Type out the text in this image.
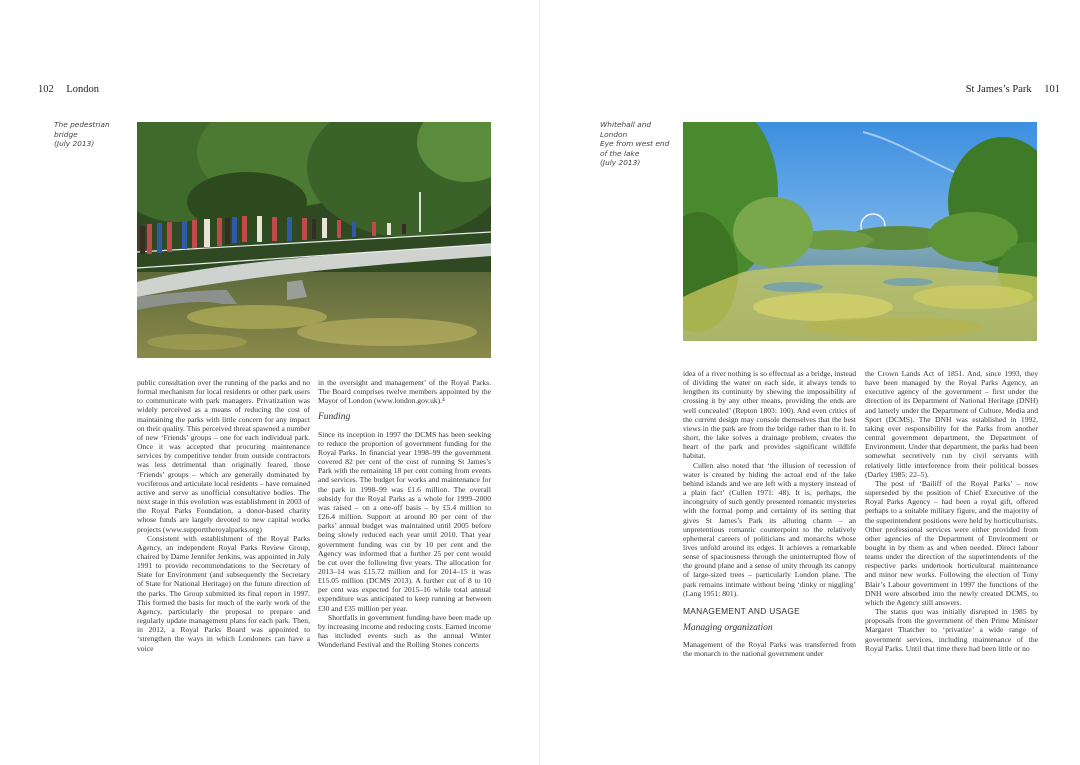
102 London
The pedestrian bridge
(July 2013)

public consultation over the running of the parks and no formal mechanism for local residents or other park users to communicate with park managers. Privatization was widely perceived as a means of reducing the cost of maintaining the parks with little concern for any impact on their quality. This perceived threat spawned a number of new ‘Friends’ groups – one for each individual park. Once it was accepted that procuring maintenance services by competitive tender from outside contractors was less detrimental than originally feared, those ‘Friends’ groups – which are generally dominated by vociferous and articulate local residents – have remained active and serve as unofficial consultative bodies. The next stage in this evolution was establishment in 2003 of the Royal Parks Foundation, a donor-based charity whose funds are largely devoted to new capital works projects (www.supporttheroyalparks.org)

Consistent with establishment of the Royal Parks Agency, an independent Royal Parks Review Group, chaired by Dame Jennifer Jenkins, was appointed in July 1991 to provide recommendations to the Secretary of State for Environment (and subsequently the Secretary of State for National Heritage) on the future direction of the parks. The Group submitted its final report in 1997. This formed the basis for much of the early work of the Agency, particularly the proposal to prepare and regularly update management plans for each park. Then, in 2012, a Royal Parks Board was appointed to ‘strengthen the ways in which Londoners can have a voice

in the oversight and management’ of the Royal Parks. The Board comprises twelve members appointed by the Mayor of London (www.london.gov.uk).⁴

Funding

Since its inception in 1997 the DCMS has been seeking to reduce the proportion of government funding for the Royal Parks. In financial year 1998–99 the government covered 82 per cent of the cost of running St James’s Park with the remaining 18 per cent coming from events and services. The budget for works and maintenance for the park in 1998–99 was £1.6 million. The overall subsidy for the Royal Parks as a whole for 1999–2000 was raised – on a one-off basis – by £5.4 million to £26.4 million. Support at around 80 per cent of the parks’ annual budget was maintained until 2005 before being slowly reduced each year until 2010. That year government funding was cut by 10 per cent and the Agency was informed that a further 25 per cent would be cut over the following five years. The allocation for 2013–14 was £15.72 million and for 2014–15 it was £15.05 million (DCMS 2013). A further cut of 8 to 10 per cent was expected for 2015–16 while total annual expenditure was anticipated to keep running at between £30 and £35 million per year.

Shortfalls in government funding have been made up by increasing income and reducing costs. Earned income has included events such as the annual Winter Wonderland Festival and the Rolling Stones concerts

St James’s Park 101
Whitehall and London
Eye from west end
of the lake
(July 2013)

idea of a river nothing is so effectual as a bridge, instead of dividing the water on each side, it always tends to lengthen its continuity by shewing the impossibility of crossing it by any other means, providing the ends are well concealed’ (Repton 1803: 100). And even critics of the current design may console themselves that the best views in the park are from the bridge rather than to it. In short, the lake solves a drainage problem, creates the heart of the park and provides significant wildlife habitat.

Cullen also noted that ‘the illusion of recession of water is created by hiding the actual end of the lake behind islands and we are left with a mystery instead of a plain fact’ (Cullen 1971: 48). It is, perhaps, the incongruity of such gently presented romantic mysteries with the formal pomp and certainty of its setting that gives St James’s Park its alluring charm – an unpretentious romantic counterpoint to the relatively ephemeral careers of politicians and monarchs whose lives unfold around its edges. It achieves a remarkable sense of spaciousness through the uninterrupted flow of the ground plane and a sense of unity through its canopy of large-sized trees – particularly London plane. The park remains intimate without being ‘dinky or niggling’ (Lang 1951: 801).

MANAGEMENT AND USAGE

Managing organization

Management of the Royal Parks was transferred from the monarch to the national government under

the Crown Lands Act of 1851. And, since 1993, they have been managed by the Royal Parks Agency, an executive agency of the government – first under the direction of its Department of National Heritage (DNH) and latterly under the Department of Culture, Media and Sport (DCMS). The DNH was established in 1992, taking over responsibility for the Parks from another central government department, the Department of Environment. Under that department, the parks had been somewhat secretively run by civil servants with relatively little interference from their political bosses (Darley 1985: 22–5).

The post of ‘Bailiff of the Royal Parks’ – now superseded by the position of Chief Executive of the Royal Parks Agency – had been a royal gift, offered perhaps to a suitable military figure, and the majority of the superintendent positions were held by horticulturists. Other professional services were either provided from other agencies of the Department of Environment or bought in by them as and when needed. Direct labour teams under the direction of the superintendents of the respective parks undertook horticultural maintenance and minor new works. Following the election of Tony Blair’s Labour government in 1997 the functions of the DNH were absorbed into the newly created DCMS, to which the Agency still answers.

The status quo was initially disrupted in 1985 by proposals from the government of then Prime Minister Margaret Thatcher to ‘privatize’ a wide range of government services, including maintenance of the Royal Parks. Until that time there had been little or no
